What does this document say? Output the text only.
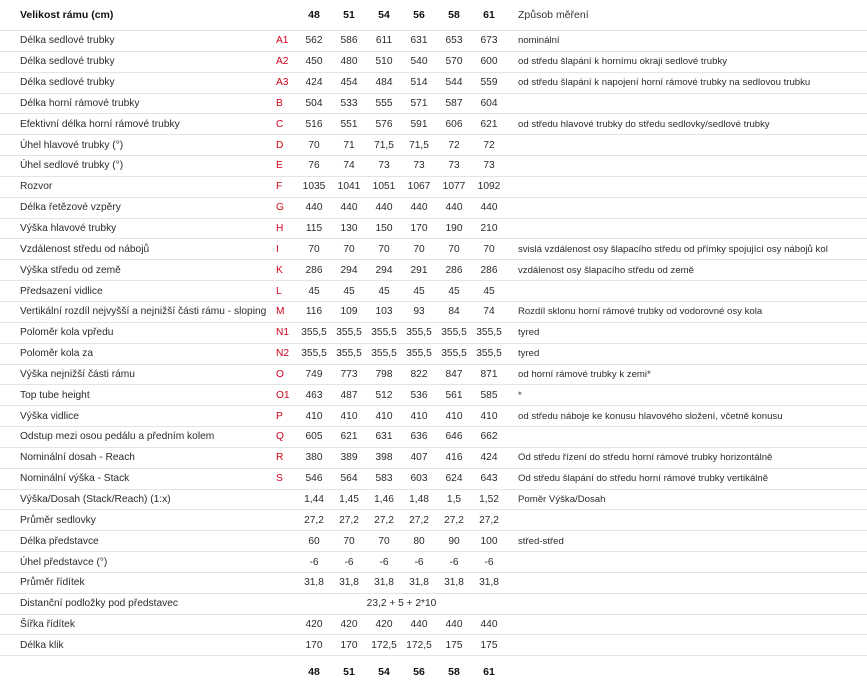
Velikost rámu (cm)	48	51	54	56	58	61	Způsob měření
Délka sedlové trubky	A1	562	586	611	631	653	673	nominální
Délka sedlové trubky	A2	450	480	510	540	570	600	od středu šlapání k hornímu okraji sedlové trubky
Délka sedlové trubky	A3	424	454	484	514	544	559	od středu šlapání k napojení horní rámové trubky na sedlovou trubku
Délka horní rámové trubky	B	504	533	555	571	587	604
Efektivní délka horní rámové trubky	C	516	551	576	591	606	621	od středu hlavové trubky do středu sedlovky/sedlové trubky
Úhel hlavové trubky (°)	D	70	71	71,5	71,5	72	72
Úhel sedlové trubky (°)	E	76	74	73	73	73	73
Rozvor	F	1035	1041	1051	1067	1077	1092
Délka řetězové vzpěry	G	440	440	440	440	440	440
Výška hlavové trubky	H	115	130	150	170	190	210
Vzdálenost středu od nábojů	I	70	70	70	70	70	70	svislá vzdálenost osy šlapacího středu od přímky spojující osy nábojů kol
Výška středu od země	K	286	294	294	291	286	286	vzdálenost osy šlapacího středu od země
Předsazení vidlice	L	45	45	45	45	45	45
Vertikální rozdíl nejvyšší a nejnižší části rámu - sloping M	116	109	103	93	84	74	Rozdíl sklonu horní rámové trubky od vodorovné osy kola
Poloměr kola vpředu	N1	355,5 355,5 355,5 355,5 355,5 355,5	tyred
Poloměr kola za	N2	355,5 355,5 355,5 355,5 355,5 355,5	tyred
Výška nejnižší části rámu	O	749	773	798	822	847	871	od horní rámové trubky k zemi*
Top tube height	O1	463	487	512	536	561	585	*
Výška vidlice	P	410	410	410	410	410	410	od středu náboje ke konusu hlavového složení, včetně konusu
Odstup mezi osou pedálu a předním kolem	Q	605	621	631	636	646	662
Nominální dosah - Reach	R	380	389	398	407	416	424	Od středu řízení do středu horní rámové trubky horizontálně
Nominální výška - Stack	S	546	564	583	603	624	643	Od středu šlapání do středu horní rámové trubky vertikálně
Výška/Dosah (Stack/Reach) (1:x)	1,44	1,45	1,46	1,48	1,5	1,52	Poměr Výška/Dosah
Průměr sedlovky	27,2	27,2	27,2	27,2	27,2	27,2
Délka představce	60	70	70	80	90	100	střed-střed
Úhel představce (°)	-6	-6	-6	-6	-6	-6
Průměr řídítek	31,8	31,8	31,8	31,8	31,8	31,8
Distanční podložky pod představec	23,2 + 5 + 2*10
Šířka řídítek	420	420	420	440	440	440
Délka klik	170	170	172,5 172,5	175	175
48	51	54	56	58	61
